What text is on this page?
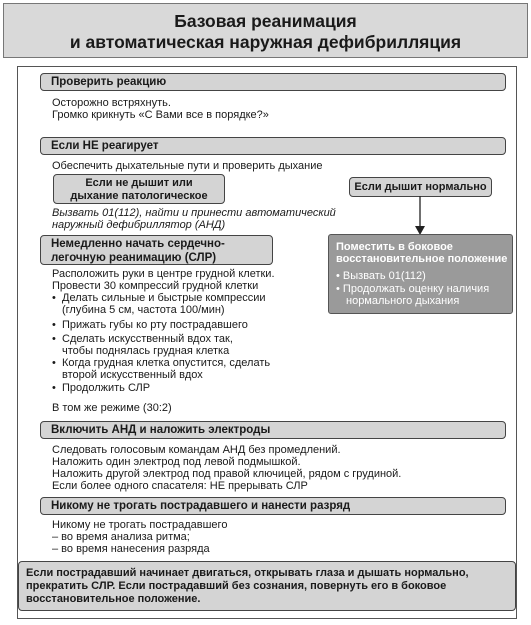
Базовая реанимация
и автоматическая наружная дефибрилляция
Проверить реакцию
Осторожно встряхнуть.
Громко крикнуть «С Вами все в порядке?»
Если НЕ реагирует
Обеспечить дыхательные пути и проверить дыхание
Если не дышит или
дыхание патологическое
Если дышит нормально
Вызвать 01(112), найти и принести автоматический
наружный дефибриллятор (АНД)
Немедленно начать сердечно-
легочную реанимацию (СЛР)
Расположить руки в центре грудной клетки.
Провести 30 компрессий грудной клетки
• Делать сильные и быстрые компрессии
(глубина 5 см, частота 100/мин)
• Прижать губы ко рту пострадавшего
• Сделать искусственный вдох так,
чтобы поднялась грудная клетка
• Когда грудная клетка опустится, сделать
второй искусственный вдох
• Продолжить СЛР
В том же режиме (30:2)
Поместить в боковое
восстановительное положение
• Вызвать 01(112)
• Продолжать оценку наличия
нормального дыхания
Включить АНД и наложить электроды
Следовать голосовым командам АНД без промедлений.
Наложить один электрод под левой подмышкой.
Наложить другой электрод под правой ключицей, рядом с грудиной.
Если более одного спасателя: НЕ прерывать СЛР
Никому не трогать пострадавшего и нанести разряд
Никому не трогать пострадавшего
– во время анализа ритма;
– во время нанесения разряда
Если пострадавший начинает двигаться, открывать глаза и дышать нормально,
прекратить СЛР. Если пострадавший без сознания, повернуть его в боковое
восстановительное положение.
